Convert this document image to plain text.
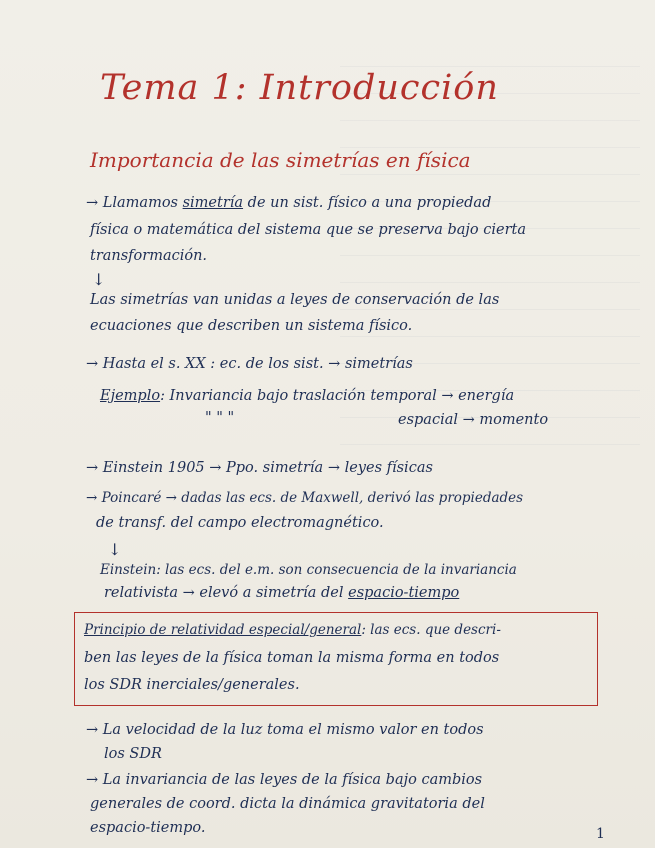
Tema 1: Introducción
Importancia de las simetrías en física
→ Llamamos simetría de un sist. físico a una propiedad
física o matemática del sistema que se preserva bajo cierta
transformación.
↓
Las simetrías van unidas a leyes de conservación de las
ecuaciones que describen un sistema físico.
→ Hasta el s. XX : ec. de los sist. → simetrías
Ejemplo: Invariancia bajo traslación temporal → energía
" " "	espacial → momento
→ Einstein 1905 → Ppo. simetría → leyes físicas
→ Poincaré → dadas las ecs. de Maxwell, derivó las propiedades
de transf. del campo electromagnético.
↓
Einstein: las ecs. del e.m. son consecuencia de la invariancia
relativista → elevó a simetría del espacio-tiempo
Principio de relatividad especial/general: las ecs. que descri-
ben las leyes de la física toman la misma forma en todos
los SDR inerciales/generales.
→ La velocidad de la luz toma el mismo valor en todos
los SDR
→ La invariancia de las leyes de la física bajo cambios
generales de coord. dicta la dinámica gravitatoria del
espacio-tiempo.	1
